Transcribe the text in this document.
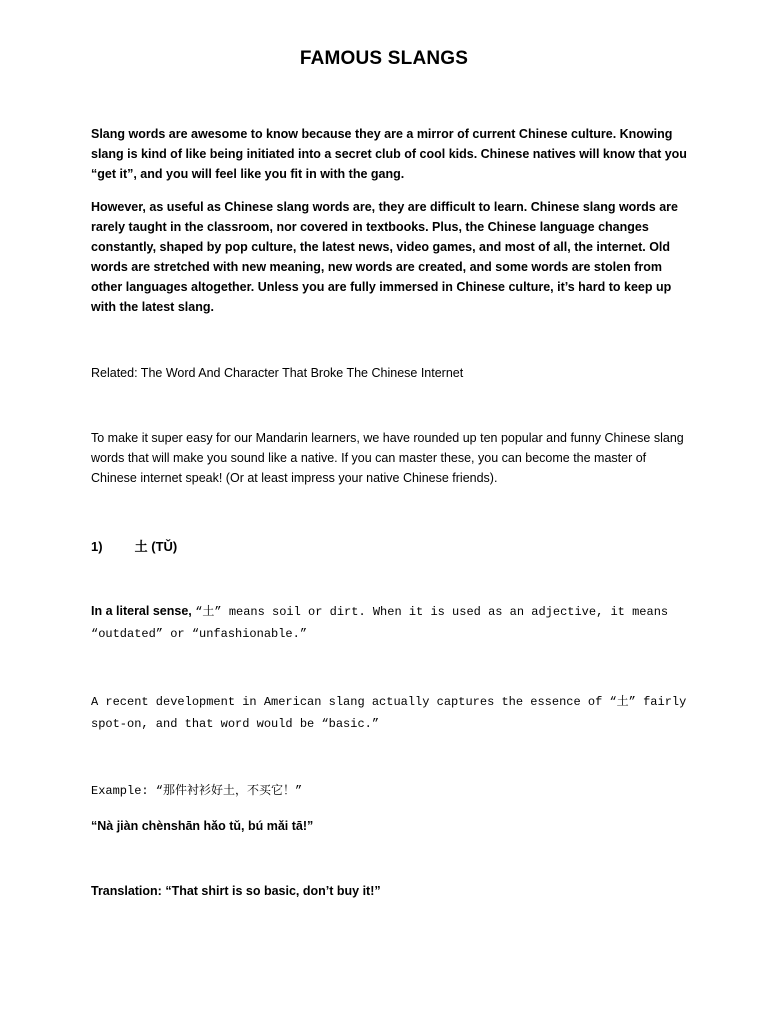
FAMOUS SLANGS

Slang words are awesome to know because they are a mirror of current Chinese culture. Knowing slang is kind of like being initiated into a secret club of cool kids. Chinese natives will know that you “get it”, and you will feel like you fit in with the gang.

However, as useful as Chinese slang words are, they are difficult to learn. Chinese slang words are rarely taught in the classroom, nor covered in textbooks. Plus, the Chinese language changes constantly, shaped by pop culture, the latest news, video games, and most of all, the internet. Old words are stretched with new meaning, new words are created, and some words are stolen from other languages altogether. Unless you are fully immersed in Chinese culture, it’s hard to keep up with the latest slang.

Related: The Word And Character That Broke The Chinese Internet

To make it super easy for our Mandarin learners, we have rounded up ten popular and funny Chinese slang words that will make you sound like a native. If you can master these, you can become the master of Chinese internet speak! (Or at least impress your native Chinese friends).

1) 土 (TǓ)

In a literal sense, “土” means soil or dirt. When it is used as an adjective, it means “outdated” or “unfashionable.”

A recent development in American slang actually captures the essence of “土” fairly spot-on, and that word would be “basic.”

Example: “那件衬衫好土，不买它！”

“Nà jiàn chènshān hǎo tǔ, bú mǎi tā!”

Translation: “That shirt is so basic, don’t buy it!”
